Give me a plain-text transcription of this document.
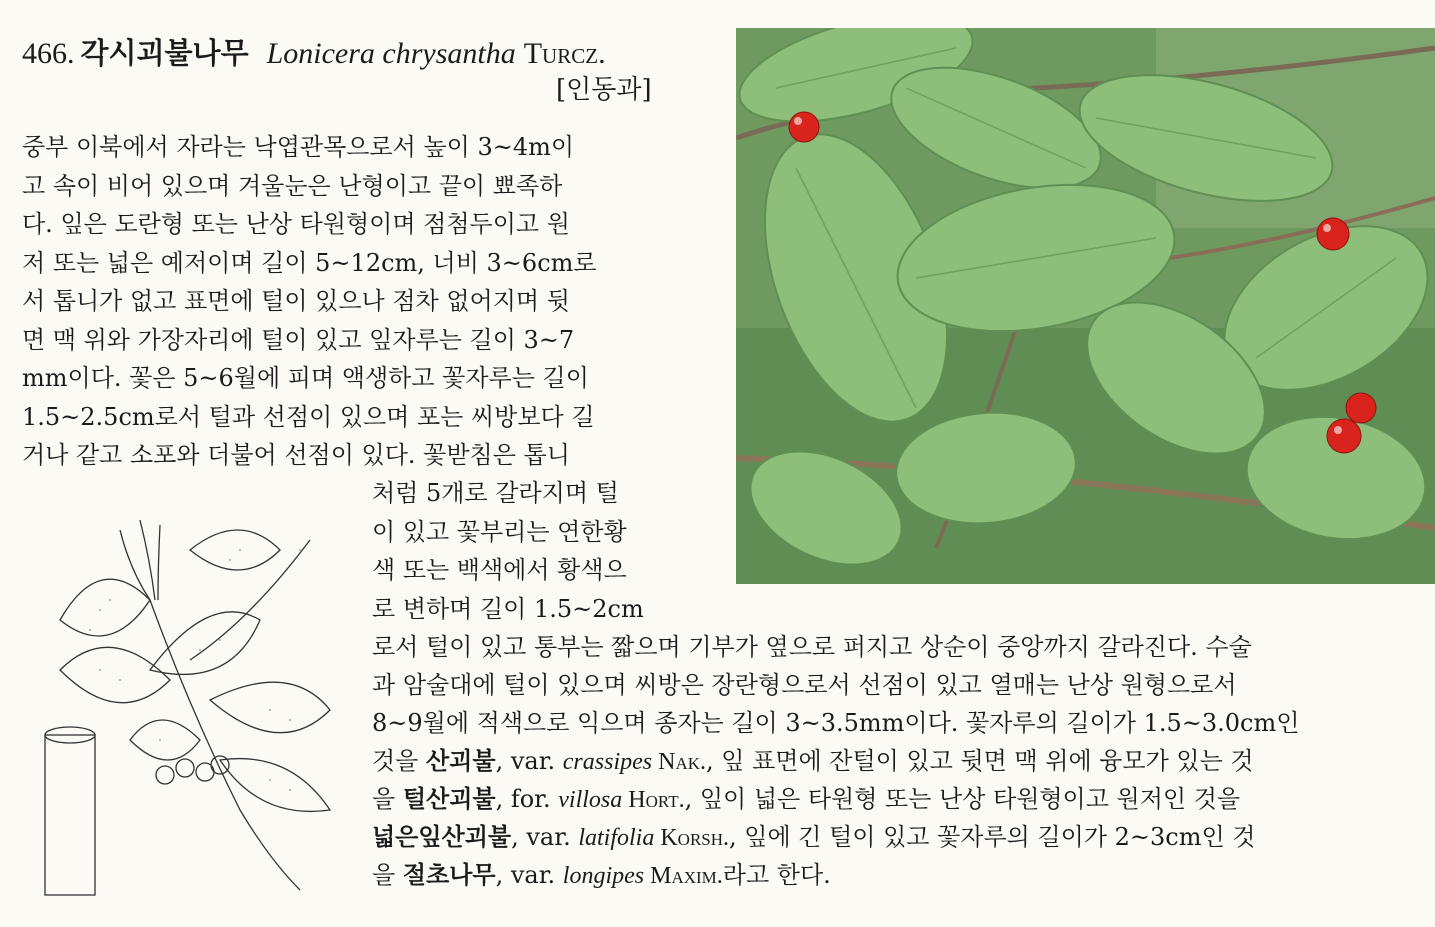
466. 각시괴불나무 Lonicera chrysantha Turcz.
[인동과]
중부 이북에서 자라는 낙엽관목으로서 높이 3~4m이
고 속이 비어 있으며 겨울눈은 난형이고 끝이 뾰족하
다. 잎은 도란형 또는 난상 타원형이며 점첨두이고 원
저 또는 넓은 예저이며 길이 5~12cm, 너비 3~6cm로
서 톱니가 없고 표면에 털이 있으나 점차 없어지며 뒷
면 맥 위와 가장자리에 털이 있고 잎자루는 길이 3~7
mm이다. 꽃은 5~6월에 피며 액생하고 꽃자루는 길이
1.5~2.5cm로서 털과 선점이 있으며 포는 씨방보다 길
거나 같고 소포와 더불어 선점이 있다. 꽃받침은 톱니
처럼 5개로 갈라지며 털
이 있고 꽃부리는 연한황
색 또는 백색에서 황색으
로 변하며 길이 1.5~2cm
로서 털이 있고 통부는 짧으며 기부가 옆으로 퍼지고 상순이 중앙까지 갈라진다. 수술
과 암술대에 털이 있으며 씨방은 장란형으로서 선점이 있고 열매는 난상 원형으로서
8~9월에 적색으로 익으며 종자는 길이 3~3.5mm이다. 꽃자루의 길이가 1.5~3.0cm인
것을 산괴불, var. crassipes Nak., 잎 표면에 잔털이 있고 뒷면 맥 위에 융모가 있는 것
을 털산괴불, for. villosa Hort., 잎이 넓은 타원형 또는 난상 타원형이고 원저인 것을
넓은잎산괴불, var. latifolia Korsh., 잎에 긴 털이 있고 꽃자루의 길이가 2~3cm인 것
을 절초나무, var. longipes Maxim.라고 한다.
